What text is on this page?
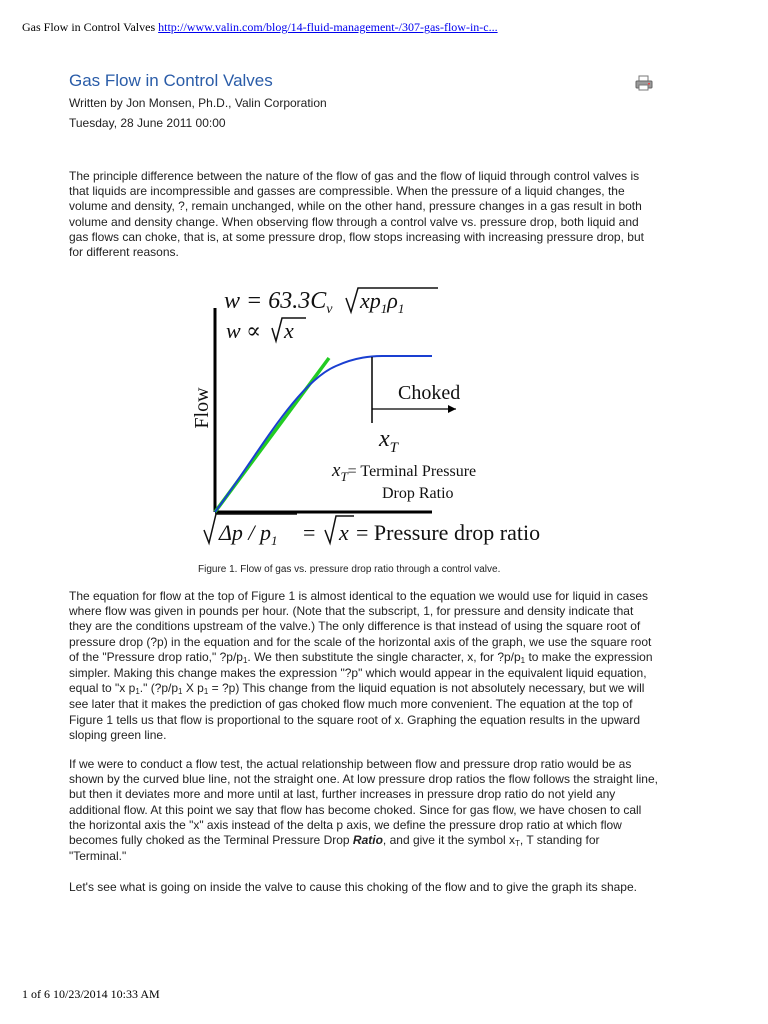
Gas Flow in Control Valves http://www.valin.com/blog/14-fluid-management-/307-gas-flow-in-c...
Gas Flow in Control Valves
Written by Jon Monsen, Ph.D., Valin Corporation
Tuesday, 28 June 2011 00:00

The principle difference between the nature of the flow of gas and the flow of liquid through control valves is that liquids are incompressible and gasses are compressible. When the pressure of a liquid changes, the volume and density, ?, remain unchanged, while on the other hand, pressure changes in a gas result in both volume and density change. When observing flow through a control valve vs. pressure drop, both liquid and gas flows can choke, that is, at some pressure drop, flow stops increasing with increasing pressure drop, but for different reasons.

$w = 63.3C_v$ $xp_1\rho_1$
w ∝ x
Flow	Choked
$x_T$
$x_T^{= Terminal Pressure}$
Drop Ratio
$\Delta p / p_1 = x$ = Pressure drop ratio
Figure 1. Flow of gas vs. pressure drop ratio through a control valve.

The equation for flow at the top of Figure 1 is almost identical to the equation we would use for liquid in cases where flow was given in pounds per hour. (Note that the subscript, 1, for pressure and density indicate that they are the conditions upstream of the valve.) The only difference is that instead of using the square root of pressure drop (?p) in the equation and for the scale of the horizontal axis of the graph, we use the square root of the "Pressure drop ratio," $?p/p_1$. We then substitute the single character, x, for $?p/p_1$ to make the expression simpler. Making this change makes the expression "?p" which would appear in the equivalent liquid equation, equal to "x $p_1$." ($?p/p_1$ X $p_1$ = ?p) This change from the liquid equation is not absolutely necessary, but we will see later that it makes the prediction of gas choked flow much more convenient. The equation at the top of Figure 1 tells us that flow is proportional to the square root of x. Graphing the equation results in the upward sloping green line.

If we were to conduct a flow test, the actual relationship between flow and pressure drop ratio would be as shown by the curved blue line, not the straight one. At low pressure drop ratios the flow follows the straight line, but then it deviates more and more until at last, further increases in pressure drop ratio do not yield any additional flow. At this point we say that flow has become choked. Since for gas flow, we have chosen to call the horizontal axis the "x" axis instead of the delta p axis, we define the pressure drop ratio at which flow becomes fully choked as the Terminal Pressure Drop Ratio, and give it the symbol $x_T$, T standing for "Terminal."

Let's see what is going on inside the valve to cause this choking of the flow and to give the graph its shape.

1 of 6 10/23/2014 10:33 AM
